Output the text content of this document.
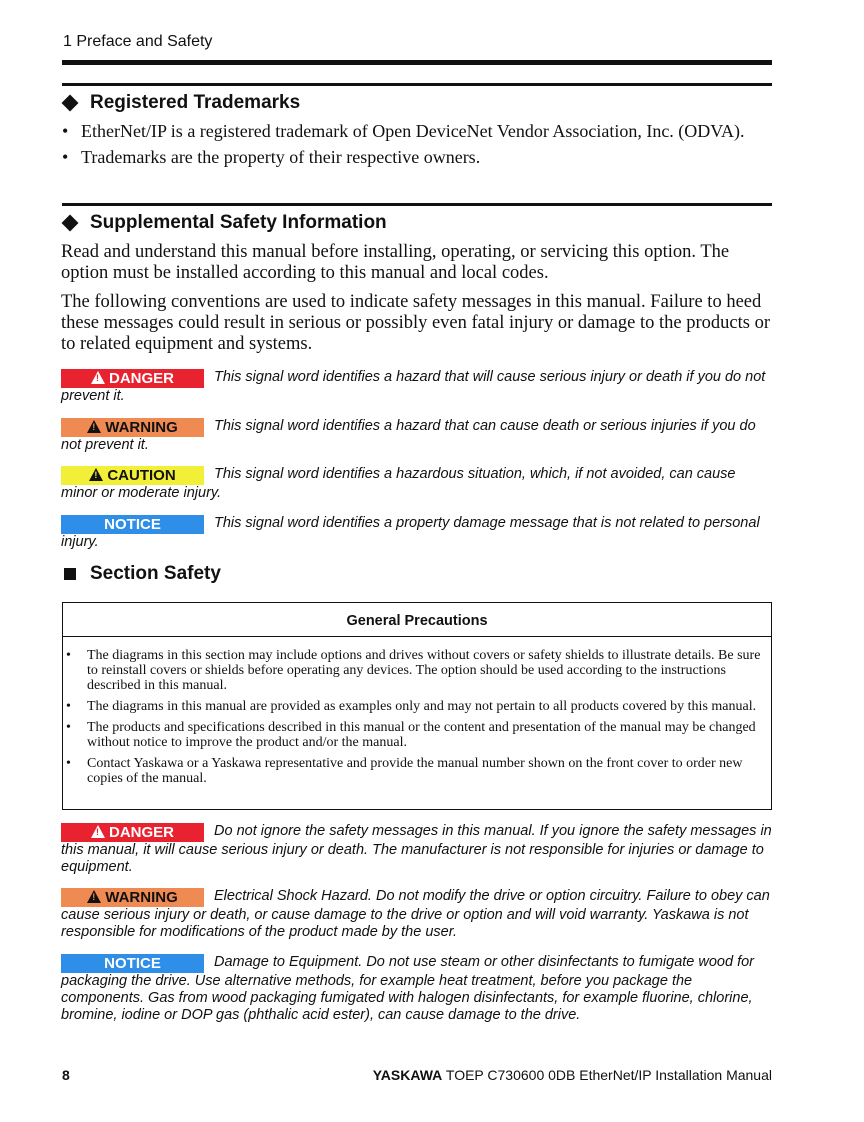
1 Preface and Safety
Registered Trademarks
• EtherNet/IP is a registered trademark of Open DeviceNet Vendor Association, Inc. (ODVA).
• Trademarks are the property of their respective owners.
Supplemental Safety Information

Read and understand this manual before installing, operating, or servicing this option. The option must be installed according to this manual and local codes.

The following conventions are used to indicate safety messages in this manual. Failure to heed these messages could result in serious or possibly even fatal injury or damage to the products or to related equipment and systems.

!DANGER	This signal word identifies a hazard that will cause serious injury or death if you do not prevent it.
!WARNING	This signal word identifies a hazard that can cause death or serious injuries if you do not prevent it.
!CAUTION	This signal word identifies a hazardous situation, which, if not avoided, can cause minor or moderate injury.
NOTICE	This signal word identifies a property damage message that is not related to personal injury.
Section Safety
General Precautions
• The diagrams in this section may include options and drives without covers or safety shields to illustrate details. Be sure to reinstall covers or shields before operating any devices. The option should be used according to the instructions described in this manual.
• The diagrams in this manual are provided as examples only and may not pertain to all products covered by this manual.
• The products and specifications described in this manual or the content and presentation of the manual may be changed without notice to improve the product and/or the manual.
• Contact Yaskawa or a Yaskawa representative and provide the manual number shown on the front cover to order new copies of the manual.
!DANGER	Do not ignore the safety messages in this manual. If you ignore the safety messages in this manual, it will cause serious injury or death. The manufacturer is not responsible for injuries or damage to equipment.
!WARNING	Electrical Shock Hazard. Do not modify the drive or option circuitry. Failure to obey can cause serious injury or death, or cause damage to the drive or option and will void warranty. Yaskawa is not responsible for modifications of the product made by the user.
NOTICE	Damage to Equipment. Do not use steam or other disinfectants to fumigate wood for packaging the drive. Use alternative methods, for example heat treatment, before you package the components. Gas from wood packaging fumigated with halogen disinfectants, for example fluorine, chlorine, bromine, iodine or DOP gas (phthalic acid ester), can cause damage to the drive.
8	YASKAWA TOEP C730600 0DB EtherNet/IP Installation Manual
